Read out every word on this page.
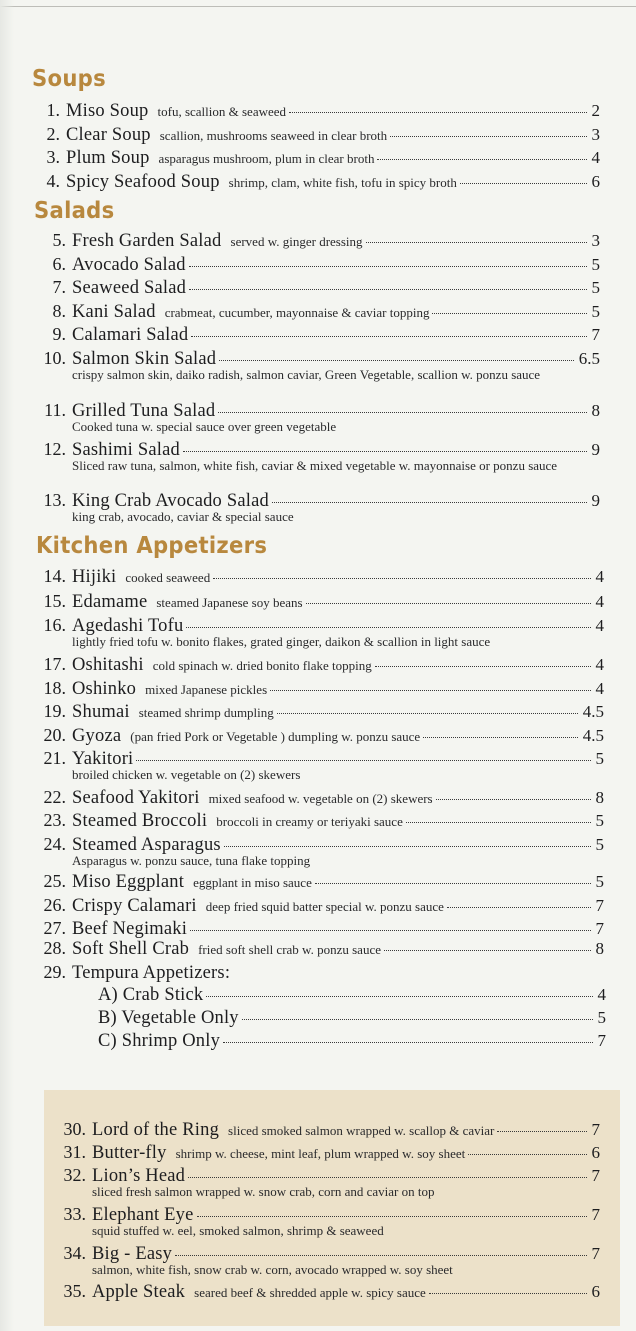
Soups
Salads
Kitchen Appetizers
1. Miso Soup tofu, scallion & seaweed	2
2. Clear Soup scallion, mushrooms seaweed in clear broth	3
3. Plum Soup asparagus mushroom, plum in clear broth	4
4. Spicy Seafood Soup shrimp, clam, white fish, tofu in spicy broth	6
5. Fresh Garden Salad served w. ginger dressing	3
6. Avocado Salad	5
7. Seaweed Salad	5
8. Kani Salad crabmeat, cucumber, mayonnaise & caviar topping	5
9. Calamari Salad	7
10. Salmon Skin Salad	6.5
crispy salmon skin, daiko radish, salmon caviar, Green Vegetable, scallion w. ponzu sauce
11. Grilled Tuna Salad	8
Cooked tuna w. special sauce over green vegetable
12. Sashimi Salad	9
Sliced raw tuna, salmon, white fish, caviar & mixed vegetable w. mayonnaise or ponzu sauce
13. King Crab Avocado Salad	9
king crab, avocado, caviar & special sauce
14. Hijiki cooked seaweed	4
15. Edamame steamed Japanese soy beans	4
16. Agedashi Tofu	4
lightly fried tofu w. bonito flakes, grated ginger, daikon & scallion in light sauce
17. Oshitashi cold spinach w. dried bonito flake topping	4
18. Oshinko mixed Japanese pickles	4
19. Shumai steamed shrimp dumpling	4.5
20. Gyoza (pan fried Pork or Vegetable ) dumpling w. ponzu sauce	4.5
21. Yakitori	5
broiled chicken w. vegetable on (2) skewers
22. Seafood Yakitori mixed seafood w. vegetable on (2) skewers	8
23. Steamed Broccoli broccoli in creamy or teriyaki sauce	5
24. Steamed Asparagus	5
Asparagus w. ponzu sauce, tuna flake topping
25. Miso Eggplant eggplant in miso sauce	5
26. Crispy Calamari deep fried squid batter special w. ponzu sauce	7
27. Beef Negimaki	7
28. Soft Shell Crab fried soft shell crab w. ponzu sauce	8
29. Tempura Appetizers:
A) Crab Stick	4
B) Vegetable Only	5
C) Shrimp Only	7
30. Lord of the Ring sliced smoked salmon wrapped w. scallop & caviar	7
31. Butter-fly shrimp w. cheese, mint leaf, plum wrapped w. soy sheet	6
32. Lion’s Head	7
sliced fresh salmon wrapped w. snow crab, corn and caviar on top
33. Elephant Eye	7
squid stuffed w. eel, smoked salmon, shrimp & seaweed
34. Big - Easy	7
salmon, white fish, snow crab w. corn, avocado wrapped w. soy sheet
35. Apple Steak seared beef & shredded apple w. spicy sauce	6
